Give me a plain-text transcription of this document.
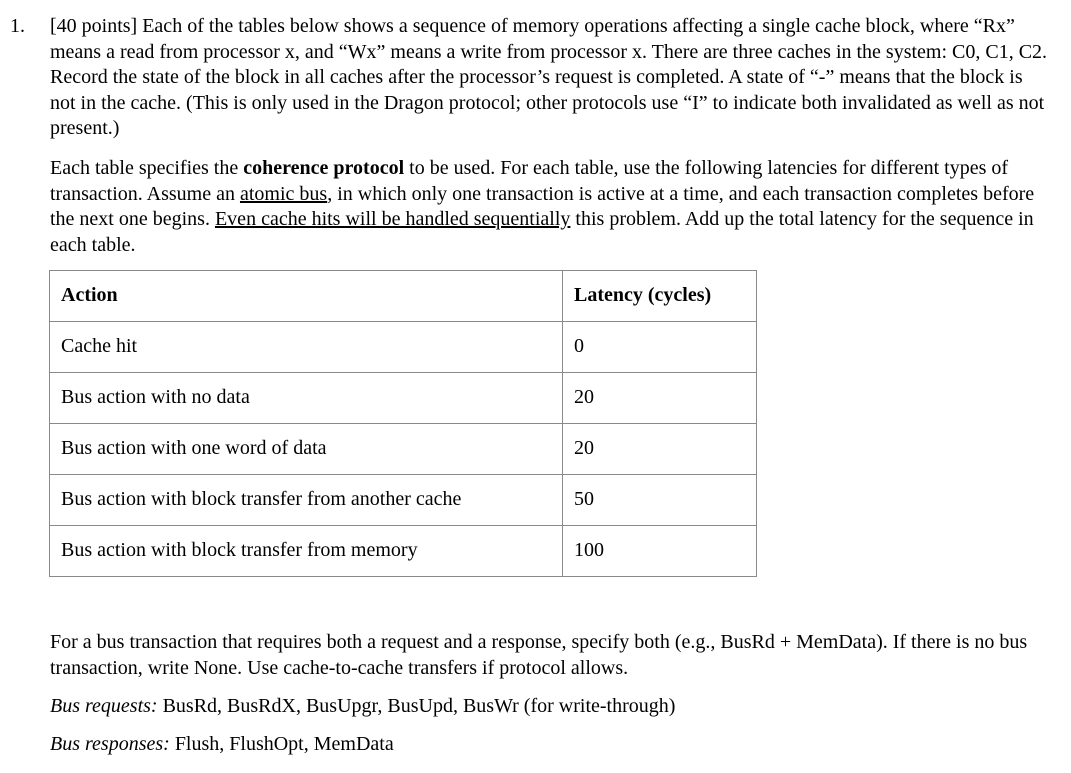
1. [40 points] Each of the tables below shows a sequence of memory operations affecting a single cache block, where “Rx” means a read from processor x, and “Wx” means a write from processor x. There are three caches in the system: C0, C1, C2. Record the state of the block in all caches after the processor’s request is completed. A state of “-” means that the block is not in the cache. (This is only used in the Dragon protocol; other protocols use “I” to indicate both invalidated as well as not present.)
Each table specifies the coherence protocol to be used. For each table, use the following latencies for different types of transaction. Assume an atomic bus, in which only one transaction is active at a time, and each transaction completes before the next one begins. Even cache hits will be handled sequentially this problem. Add up the total latency for the sequence in each table.
Action	Latency (cycles)
Cache hit	0
Bus action with no data	20
Bus action with one word of data	20
Bus action with block transfer from another cache	50
Bus action with block transfer from memory	100
For a bus transaction that requires both a request and a response, specify both (e.g., BusRd + MemData). If there is no bus transaction, write None. Use cache-to-cache transfers if protocol allows.
Bus requests: BusRd, BusRdX, BusUpgr, BusUpd, BusWr (for write-through)
Bus responses: Flush, FlushOpt, MemData
